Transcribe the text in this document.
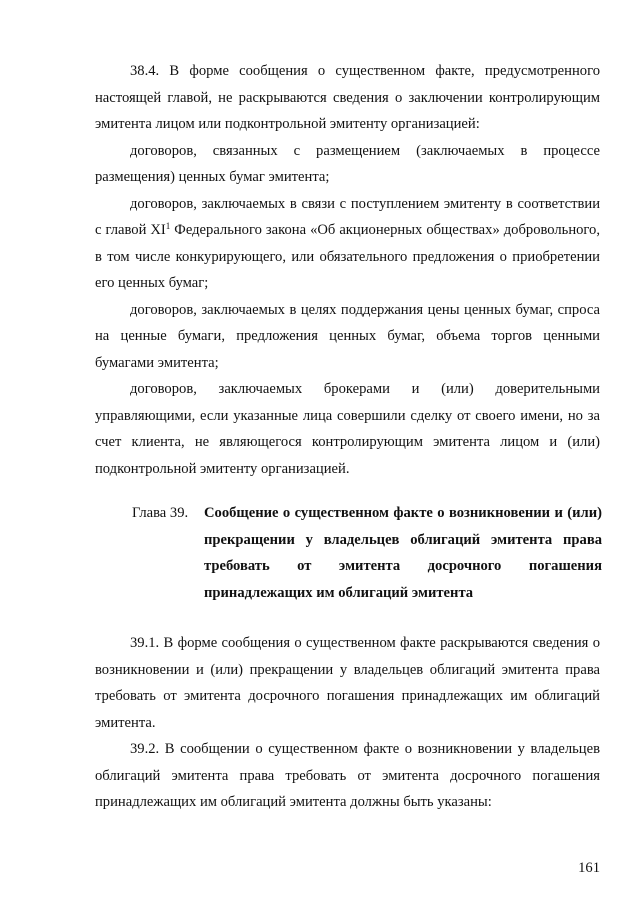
38.4. В форме сообщения о существенном факте, предусмотренного настоящей главой, не раскрываются сведения о заключении контролирующим эмитента лицом или подконтрольной эмитенту организацией:

договоров, связанных с размещением (заключаемых в процессе размещения) ценных бумаг эмитента;

договоров, заключаемых в связи с поступлением эмитенту в соответствии с главой $XI^1$ Федерального закона «Об акционерных обществах» добровольного, в том числе конкурирующего, или обязательного предложения о приобретении его ценных бумаг;

договоров, заключаемых в целях поддержания цены ценных бумаг, спроса на ценные бумаги, предложения ценных бумаг, объема торгов ценными бумагами эмитента;

договоров, заключаемых брокерами и (или) доверительными управляющими, если указанные лица совершили сделку от своего имени, но за счет клиента, не являющегося контролирующим эмитента лицом и (или) подконтрольной эмитенту организацией.

Глава 39. Сообщение о существенном факте о возникновении и (или) прекращении у владельцев облигаций эмитента права требовать от эмитента досрочного погашения принадлежащих им облигаций эмитента

39.1. В форме сообщения о существенном факте раскрываются сведения о возникновении и (или) прекращении у владельцев облигаций эмитента права требовать от эмитента досрочного погашения принадлежащих им облигаций эмитента.

39.2. В сообщении о существенном факте о возникновении у владельцев облигаций эмитента права требовать от эмитента досрочного погашения принадлежащих им облигаций эмитента должны быть указаны:

161
